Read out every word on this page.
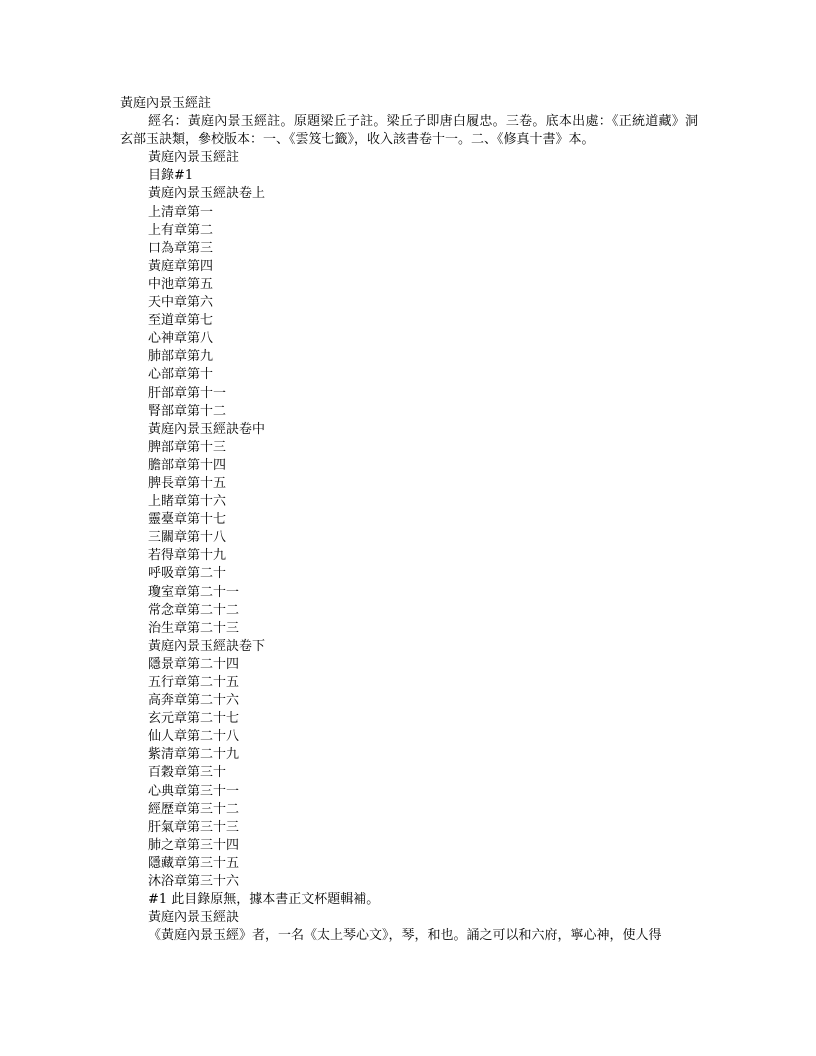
黃庭內景玉經註

經名：黃庭內景玉經註。原題梁丘子註。梁丘子即唐白履忠。三卷。底本出處：《正統道藏》洞玄部玉訣類，參校版本：一、《雲笈七籤》，收入該書卷十一。二、《修真十書》本。

黃庭內景玉經註

目錄#1

黃庭內景玉經訣卷上

上清章第一

上有章第二

口為章第三

黃庭章第四

中池章第五

天中章第六

至道章第七

心神章第八

肺部章第九

心部章第十

肝部章第十一

腎部章第十二

黃庭內景玉經訣卷中

脾部章第十三

膽部章第十四

脾長章第十五

上睹章第十六

靈臺章第十七

三關章第十八

若得章第十九

呼吸章第二十

瓊室章第二十一

常念章第二十二

治生章第二十三

黃庭內景玉經訣卷下

隱景章第二十四

五行章第二十五

高奔章第二十六

玄元章第二十七

仙人章第二十八

紫清章第二十九

百穀章第三十

心典章第三十一

經歷章第三十二

肝氣章第三十三

肺之章第三十四

隱藏章第三十五

沐浴章第三十六

#1 此目錄原無，據本書正文杯題輯補。

黃庭內景玉經訣

《黃庭內景玉經》者，一名《太上琴心文》，琴，和也。誦之可以和六府，寧心神，使人得
